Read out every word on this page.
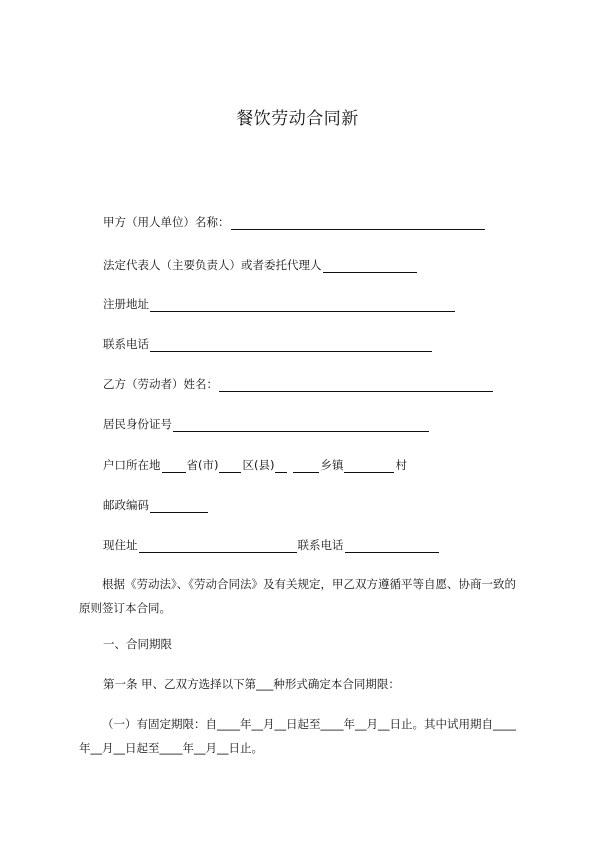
餐饮劳动合同新
甲方（用人单位）名称：
法定代表人（主要负责人）或者委托代理人
注册地址
联系电话
乙方（劳动者）姓名：
居民身份证号
户口所在地 省(市) 区(县)	乡镇	村
邮政编码
现住址	联系电话
根据《劳动法》、《劳动合同法》及有关规定，甲乙双方遵循平等自愿、协商一致的原则签订本合同。
一、合同期限
第一条 甲、乙双方选择以下第___种形式确定本合同期限：
（一）有固定期限：自____年__月__日起至____年__月__日止。其中试用期自____年__月__日起至____年__月__日止。
